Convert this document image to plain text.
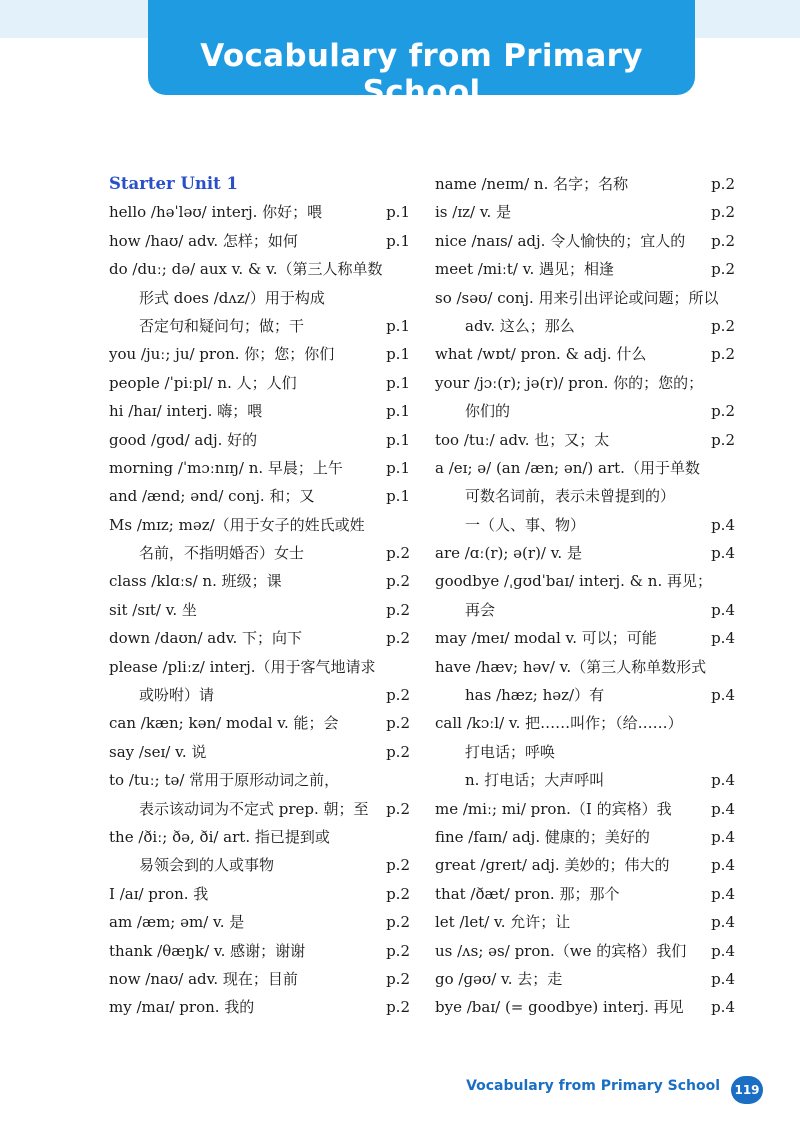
Vocabulary from Primary School
Starter Unit 1
hello /həˈləʊ/ interj. 你好；喂	p.1
how /haʊ/ adv. 怎样；如何	p.1
do /duː; də/ aux v. & v.（第三人称单数
形式 does /dʌz/）用于构成
否定句和疑问句；做；干	p.1
you /juː; ju/ pron. 你；您；你们	p.1
people /ˈpiːpl/ n. 人；人们	p.1
hi /haɪ/ interj. 嗨；喂	p.1
good /ɡʊd/ adj. 好的	p.1
morning /ˈmɔːnɪŋ/ n. 早晨；上午	p.1
and /ænd; ənd/ conj. 和；又	p.1
Ms /mɪz; məz/（用于女子的姓氏或姓
名前，不指明婚否）女士	p.2
class /klɑːs/ n. 班级；课	p.2
sit /sɪt/ v. 坐	p.2
down /daʊn/ adv. 下；向下	p.2
please /pliːz/ interj.（用于客气地请求
或吩咐）请	p.2
can /kæn; kən/ modal v. 能；会	p.2
say /seɪ/ v. 说	p.2
to /tuː; tə/ 常用于原形动词之前，
表示该动词为不定式 prep. 朝；至 p.2
the /ðiː; ðə, ði/ art. 指已提到或
易领会到的人或事物	p.2
I /aɪ/ pron. 我	p.2
am /æm; əm/ v. 是	p.2
thank /θæŋk/ v. 感谢；谢谢	p.2
now /naʊ/ adv. 现在；目前	p.2
my /maɪ/ pron. 我的	p.2
name /neɪm/ n. 名字；名称	p.2
is /ɪz/ v. 是	p.2
nice /naɪs/ adj. 令人愉快的；宜人的 p.2
meet /miːt/ v. 遇见；相逢	p.2
so /səʊ/ conj. 用来引出评论或问题；所以
adv. 这么；那么	p.2
what /wɒt/ pron. & adj. 什么	p.2
your /jɔː(r); jə(r)/ pron. 你的；您的；
你们的	p.2
too /tuː/ adv. 也；又；太	p.2
a /eɪ; ə/ (an /æn; ən/) art.（用于单数
可数名词前，表示未曾提到的）
一（人、事、物）	p.4
are /ɑː(r); ə(r)/ v. 是	p.4
goodbye /ˌɡʊdˈbaɪ/ interj. & n. 再见；
再会	p.4
may /meɪ/ modal v. 可以；可能	p.4
have /hæv; həv/ v.（第三人称单数形式
has /hæz; həz/）有	p.4
call /kɔːl/ v. 把……叫作；（给……）
打电话；呼唤
n. 打电话；大声呼叫	p.4
me /miː; mi/ pron.（I 的宾格）我	p.4
fine /faɪn/ adj. 健康的；美好的	p.4
great /ɡreɪt/ adj. 美妙的；伟大的	p.4
that /ðæt/ pron. 那；那个	p.4
let /let/ v. 允许；让	p.4
us /ʌs; əs/ pron.（we 的宾格）我们 p.4
go /ɡəʊ/ v. 去；走	p.4
bye /baɪ/ (= goodbye) interj. 再见 p.4
Vocabulary from Primary School 119
